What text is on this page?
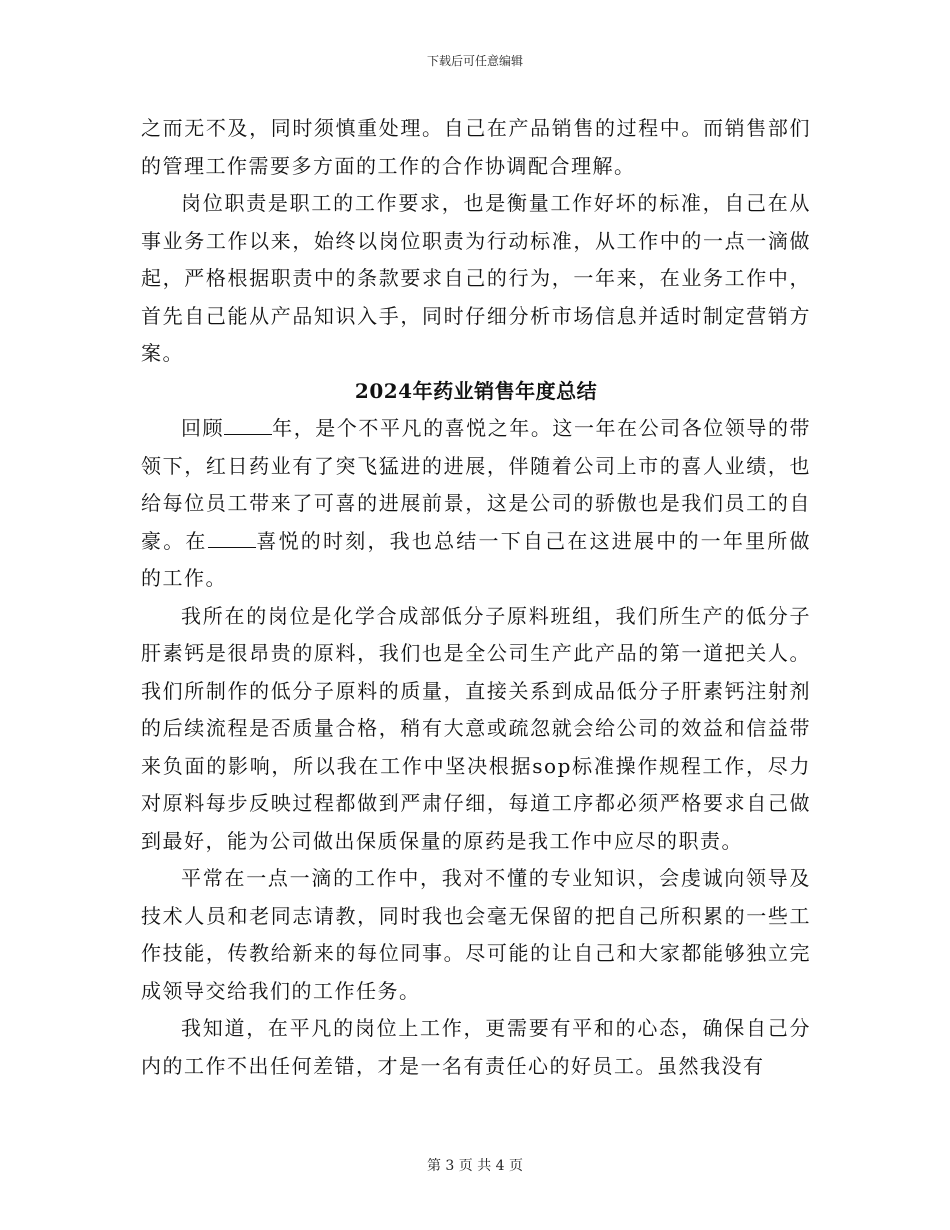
下载后可任意编辑

之而无不及，同时须慎重处理。自己在产品销售的过程中。而销售部们的管理工作需要多方面的工作的合作协调配合理解。

岗位职责是职工的工作要求，也是衡量工作好坏的标准，自己在从事业务工作以来，始终以岗位职责为行动标准，从工作中的一点一滴做起，严格根据职责中的条款要求自己的行为，一年来，在业务工作中，首先自己能从产品知识入手，同时仔细分析市场信息并适时制定营销方案。

2024年药业销售年度总结

回顾 年，是个不平凡的喜悦之年。这一年在公司各位领导的带领下，红日药业有了突飞猛进的进展，伴随着公司上市的喜人业绩，也给每位员工带来了可喜的进展前景，这是公司的骄傲也是我们员工的自豪。在 喜悦的时刻，我也总结一下自己在这进展中的一年里所做的工作。

我所在的岗位是化学合成部低分子原料班组，我们所生产的低分子肝素钙是很昂贵的原料，我们也是全公司生产此产品的第一道把关人。我们所制作的低分子原料的质量，直接关系到成品低分子肝素钙注射剂的后续流程是否质量合格，稍有大意或疏忽就会给公司的效益和信益带来负面的影响，所以我在工作中坚决根据sop标准操作规程工作，尽力对原料每步反映过程都做到严肃仔细，每道工序都必须严格要求自己做到最好，能为公司做出保质保量的原药是我工作中应尽的职责。

平常在一点一滴的工作中，我对不懂的专业知识，会虔诚向领导及技术人员和老同志请教，同时我也会毫无保留的把自己所积累的一些工作技能，传教给新来的每位同事。尽可能的让自己和大家都能够独立完成领导交给我们的工作任务。

我知道，在平凡的岗位上工作，更需要有平和的心态，确保自己分内的工作不出任何差错，才是一名有责任心的好员工。虽然我没有

第 3 页 共 4 页
